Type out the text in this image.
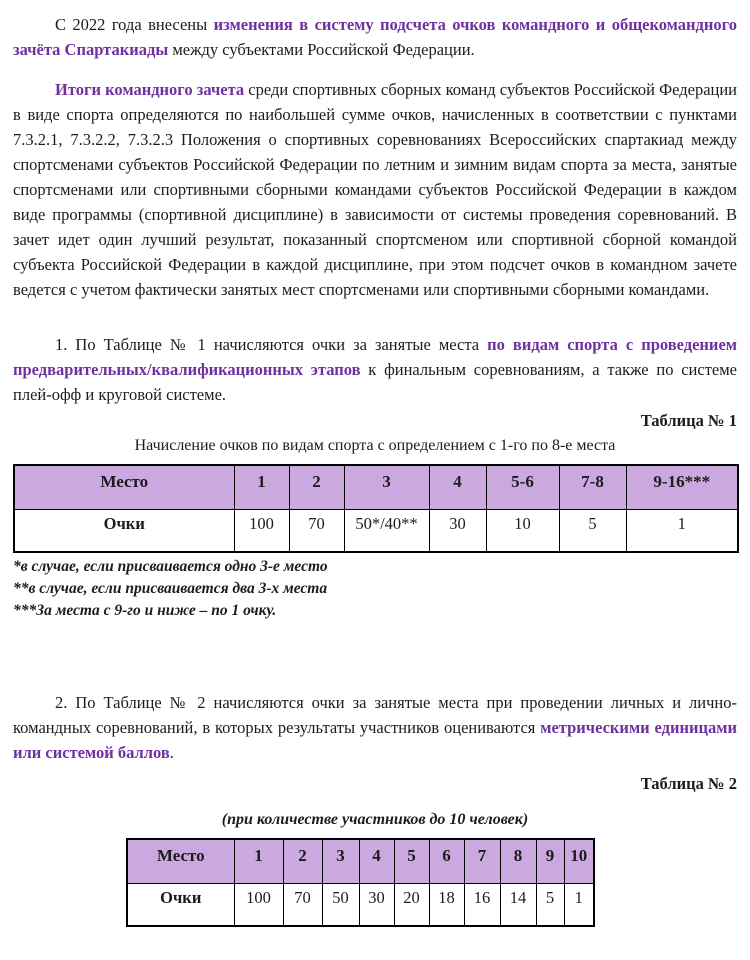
С 2022 года внесены изменения в систему подсчета очков командного и общекомандного зачёта Спартакиады между субъектами Российской Федерации.

Итоги командного зачета среди спортивных сборных команд субъектов Российской Федерации в виде спорта определяются по наибольшей сумме очков, начисленных в соответствии с пунктами 7.3.2.1, 7.3.2.2, 7.3.2.3 Положения о спортивных соревнованиях Всероссийских спартакиад между спортсменами субъектов Российской Федерации по летним и зимним видам спорта за места, занятые спортсменами или спортивными сборными командами субъектов Российской Федерации в каждом виде программы (спортивной дисциплине) в зависимости от системы проведения соревнований. В зачет идет один лучший результат, показанный спортсменом или спортивной сборной командой субъекта Российской Федерации в каждой дисциплине, при этом подсчет очков в командном зачете ведется с учетом фактически занятых мест спортсменами или спортивными сборными командами.

1. По Таблице № 1 начисляются очки за занятые места по видам спорта с проведением предварительных/квалификационных этапов к финальным соревнованиям, а также по системе плей-офф и круговой системе.

Таблица № 1
Начисление очков по видам спорта с определением с 1-го по 8-е места
Место	1	2	3	4	5-6	7-8	9-16***
Очки	100	70	50*/40**	30	10	5	1
*в случае, если присваивается одно 3-е место
**в случае, если присваивается два 3-х места
***За места с 9-го и ниже – по 1 очку.

2. По Таблице № 2 начисляются очки за занятые места при проведении личных и лично-командных соревнований, в которых результаты участников оцениваются метрическими единицами или системой баллов.

Таблица № 2
(при количестве участников до 10 человек)
Место	1	2	3	4	5	6	7	8	9	10
Очки	100	70	50	30	20	18	16	14	5	1
